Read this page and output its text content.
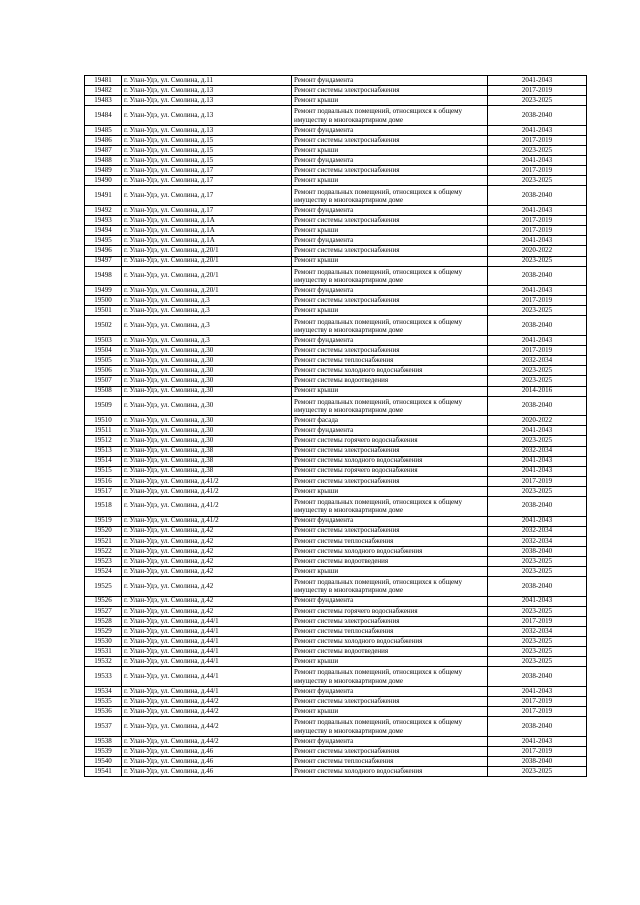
19481	г. Улан-Удэ, ул. Смолина, д.11	Ремонт фундамента	2041-2043
19482	г. Улан-Удэ, ул. Смолина, д.13	Ремонт системы электроснабжения	2017-2019
19483	г. Улан-Удэ, ул. Смолина, д.13	Ремонт крыши	2023-2025
19484	г. Улан-Удэ, ул. Смолина, д.13	Ремонт подвальных помещений, относящихся к общему имуществу в многоквартирном доме	2038-2040
19485	г. Улан-Удэ, ул. Смолина, д.13	Ремонт фундамента	2041-2043
19486	г. Улан-Удэ, ул. Смолина, д.15	Ремонт системы электроснабжения	2017-2019
19487	г. Улан-Удэ, ул. Смолина, д.15	Ремонт крыши	2023-2025
19488	г. Улан-Удэ, ул. Смолина, д.15	Ремонт фундамента	2041-2043
19489	г. Улан-Удэ, ул. Смолина, д.17	Ремонт системы электроснабжения	2017-2019
19490	г. Улан-Удэ, ул. Смолина, д.17	Ремонт крыши	2023-2025
19491	г. Улан-Удэ, ул. Смолина, д.17	Ремонт подвальных помещений, относящихся к общему имуществу в многоквартирном доме	2038-2040
19492	г. Улан-Удэ, ул. Смолина, д.17	Ремонт фундамента	2041-2043
19493	г. Улан-Удэ, ул. Смолина, д.1А	Ремонт системы электроснабжения	2017-2019
19494	г. Улан-Удэ, ул. Смолина, д.1А	Ремонт крыши	2017-2019
19495	г. Улан-Удэ, ул. Смолина, д.1А	Ремонт фундамента	2041-2043
19496	г. Улан-Удэ, ул. Смолина, д.20/1	Ремонт системы электроснабжения	2020-2022
19497	г. Улан-Удэ, ул. Смолина, д.20/1	Ремонт крыши	2023-2025
19498	г. Улан-Удэ, ул. Смолина, д.20/1	Ремонт подвальных помещений, относящихся к общему имуществу в многоквартирном доме	2038-2040
19499	г. Улан-Удэ, ул. Смолина, д.20/1	Ремонт фундамента	2041-2043
19500	г. Улан-Удэ, ул. Смолина, д.3	Ремонт системы электроснабжения	2017-2019
19501	г. Улан-Удэ, ул. Смолина, д.3	Ремонт крыши	2023-2025
19502	г. Улан-Удэ, ул. Смолина, д.3	Ремонт подвальных помещений, относящихся к общему имуществу в многоквартирном доме	2038-2040
19503	г. Улан-Удэ, ул. Смолина, д.3	Ремонт фундамента	2041-2043
19504	г. Улан-Удэ, ул. Смолина, д.30	Ремонт системы электроснабжения	2017-2019
19505	г. Улан-Удэ, ул. Смолина, д.30	Ремонт системы теплоснабжения	2032-2034
19506	г. Улан-Удэ, ул. Смолина, д.30	Ремонт системы холодного водоснабжения	2023-2025
19507	г. Улан-Удэ, ул. Смолина, д.30	Ремонт системы водоотведения	2023-2025
19508	г. Улан-Удэ, ул. Смолина, д.30	Ремонт крыши	2014-2016
19509	г. Улан-Удэ, ул. Смолина, д.30	Ремонт подвальных помещений, относящихся к общему имуществу в многоквартирном доме	2038-2040
19510	г. Улан-Удэ, ул. Смолина, д.30	Ремонт фасада	2020-2022
19511	г. Улан-Удэ, ул. Смолина, д.30	Ремонт фундамента	2041-2043
19512	г. Улан-Удэ, ул. Смолина, д.30	Ремонт системы горячего водоснабжения	2023-2025
19513	г. Улан-Удэ, ул. Смолина, д.38	Ремонт системы электроснабжения	2032-2034
19514	г. Улан-Удэ, ул. Смолина, д.38	Ремонт системы холодного водоснабжения	2041-2043
19515	г. Улан-Удэ, ул. Смолина, д.38	Ремонт системы горячего водоснабжения	2041-2043
19516	г. Улан-Удэ, ул. Смолина, д.41/2	Ремонт системы электроснабжения	2017-2019
19517	г. Улан-Удэ, ул. Смолина, д.41/2	Ремонт крыши	2023-2025
19518	г. Улан-Удэ, ул. Смолина, д.41/2	Ремонт подвальных помещений, относящихся к общему имуществу в многоквартирном доме	2038-2040
19519	г. Улан-Удэ, ул. Смолина, д.41/2	Ремонт фундамента	2041-2043
19520	г. Улан-Удэ, ул. Смолина, д.42	Ремонт системы электроснабжения	2032-2034
19521	г. Улан-Удэ, ул. Смолина, д.42	Ремонт системы теплоснабжения	2032-2034
19522	г. Улан-Удэ, ул. Смолина, д.42	Ремонт системы холодного водоснабжения	2038-2040
19523	г. Улан-Удэ, ул. Смолина, д.42	Ремонт системы водоотведения	2023-2025
19524	г. Улан-Удэ, ул. Смолина, д.42	Ремонт крыши	2023-2025
19525	г. Улан-Удэ, ул. Смолина, д.42	Ремонт подвальных помещений, относящихся к общему имуществу в многоквартирном доме	2038-2040
19526	г. Улан-Удэ, ул. Смолина, д.42	Ремонт фундамента	2041-2043
19527	г. Улан-Удэ, ул. Смолина, д.42	Ремонт системы горячего водоснабжения	2023-2025
19528	г. Улан-Удэ, ул. Смолина, д.44/1	Ремонт системы электроснабжения	2017-2019
19529	г. Улан-Удэ, ул. Смолина, д.44/1	Ремонт системы теплоснабжения	2032-2034
19530	г. Улан-Удэ, ул. Смолина, д.44/1	Ремонт системы холодного водоснабжения	2023-2025
19531	г. Улан-Удэ, ул. Смолина, д.44/1	Ремонт системы водоотведения	2023-2025
19532	г. Улан-Удэ, ул. Смолина, д.44/1	Ремонт крыши	2023-2025
19533	г. Улан-Удэ, ул. Смолина, д.44/1	Ремонт подвальных помещений, относящихся к общему имуществу в многоквартирном доме	2038-2040
19534	г. Улан-Удэ, ул. Смолина, д.44/1	Ремонт фундамента	2041-2043
19535	г. Улан-Удэ, ул. Смолина, д.44/2	Ремонт системы электроснабжения	2017-2019
19536	г. Улан-Удэ, ул. Смолина, д.44/2	Ремонт крыши	2017-2019
19537	г. Улан-Удэ, ул. Смолина, д.44/2	Ремонт подвальных помещений, относящихся к общему имуществу в многоквартирном доме	2038-2040
19538	г. Улан-Удэ, ул. Смолина, д.44/2	Ремонт фундамента	2041-2043
19539	г. Улан-Удэ, ул. Смолина, д.46	Ремонт системы электроснабжения	2017-2019
19540	г. Улан-Удэ, ул. Смолина, д.46	Ремонт системы теплоснабжения	2038-2040
19541	г. Улан-Удэ, ул. Смолина, д.46	Ремонт системы холодного водоснабжения	2023-2025
